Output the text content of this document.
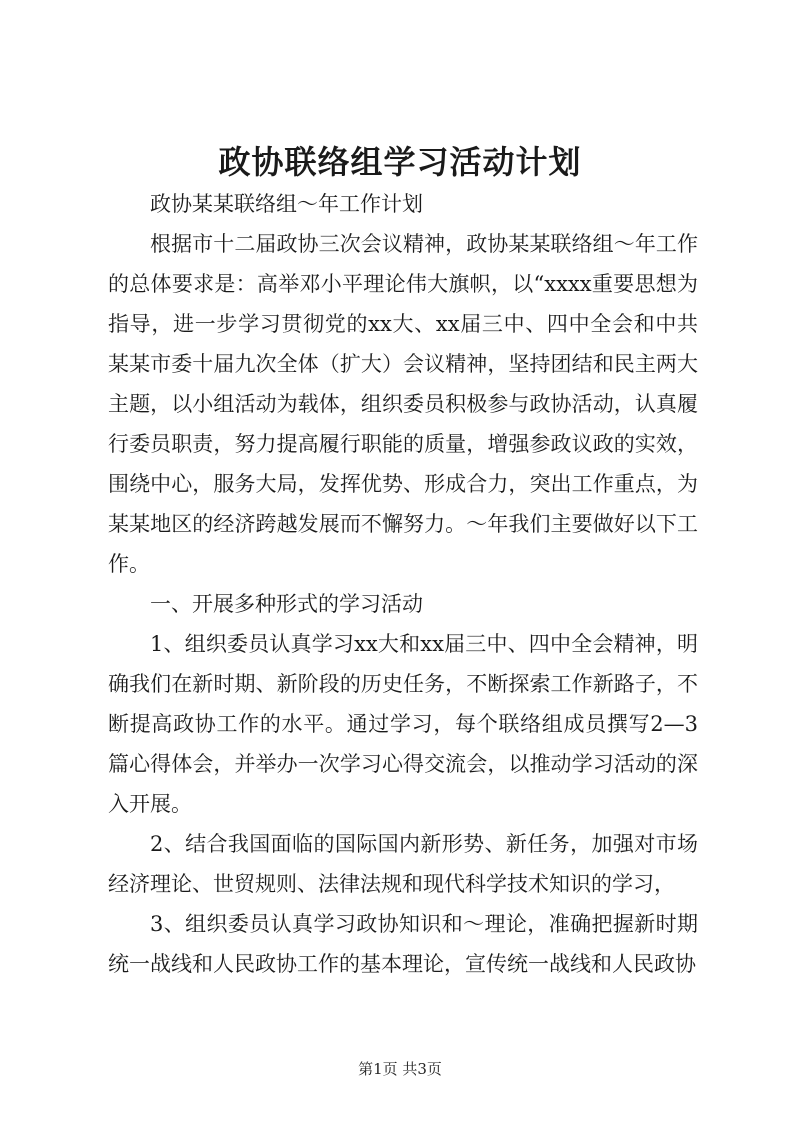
政协联络组学习活动计划

政协某某联络组～年工作计划

根据市十二届政协三次会议精神，政协某某联络组～年工作的总体要求是：高举邓小平理论伟大旗帜，以“xxxx重要思想为指导，进一步学习贯彻党的xx大、xx届三中、四中全会和中共某某市委十届九次全体（扩大）会议精神，坚持团结和民主两大主题，以小组活动为载体，组织委员积极参与政协活动，认真履行委员职责，努力提高履行职能的质量，增强参政议政的实效，围绕中心，服务大局，发挥优势、形成合力，突出工作重点，为某某地区的经济跨越发展而不懈努力。～年我们主要做好以下工作。

一、开展多种形式的学习活动

1、组织委员认真学习xx大和xx届三中、四中全会精神，明确我们在新时期、新阶段的历史任务，不断探索工作新路子，不断提高政协工作的水平。通过学习，每个联络组成员撰写2—3篇心得体会，并举办一次学习心得交流会，以推动学习活动的深入开展。

2、结合我国面临的国际国内新形势、新任务，加强对市场经济理论、世贸规则、法律法规和现代科学技术知识的学习，

3、组织委员认真学习政协知识和～理论，准确把握新时期统一战线和人民政协工作的基本理论，宣传统一战线和人民政协

第1页 共3页
